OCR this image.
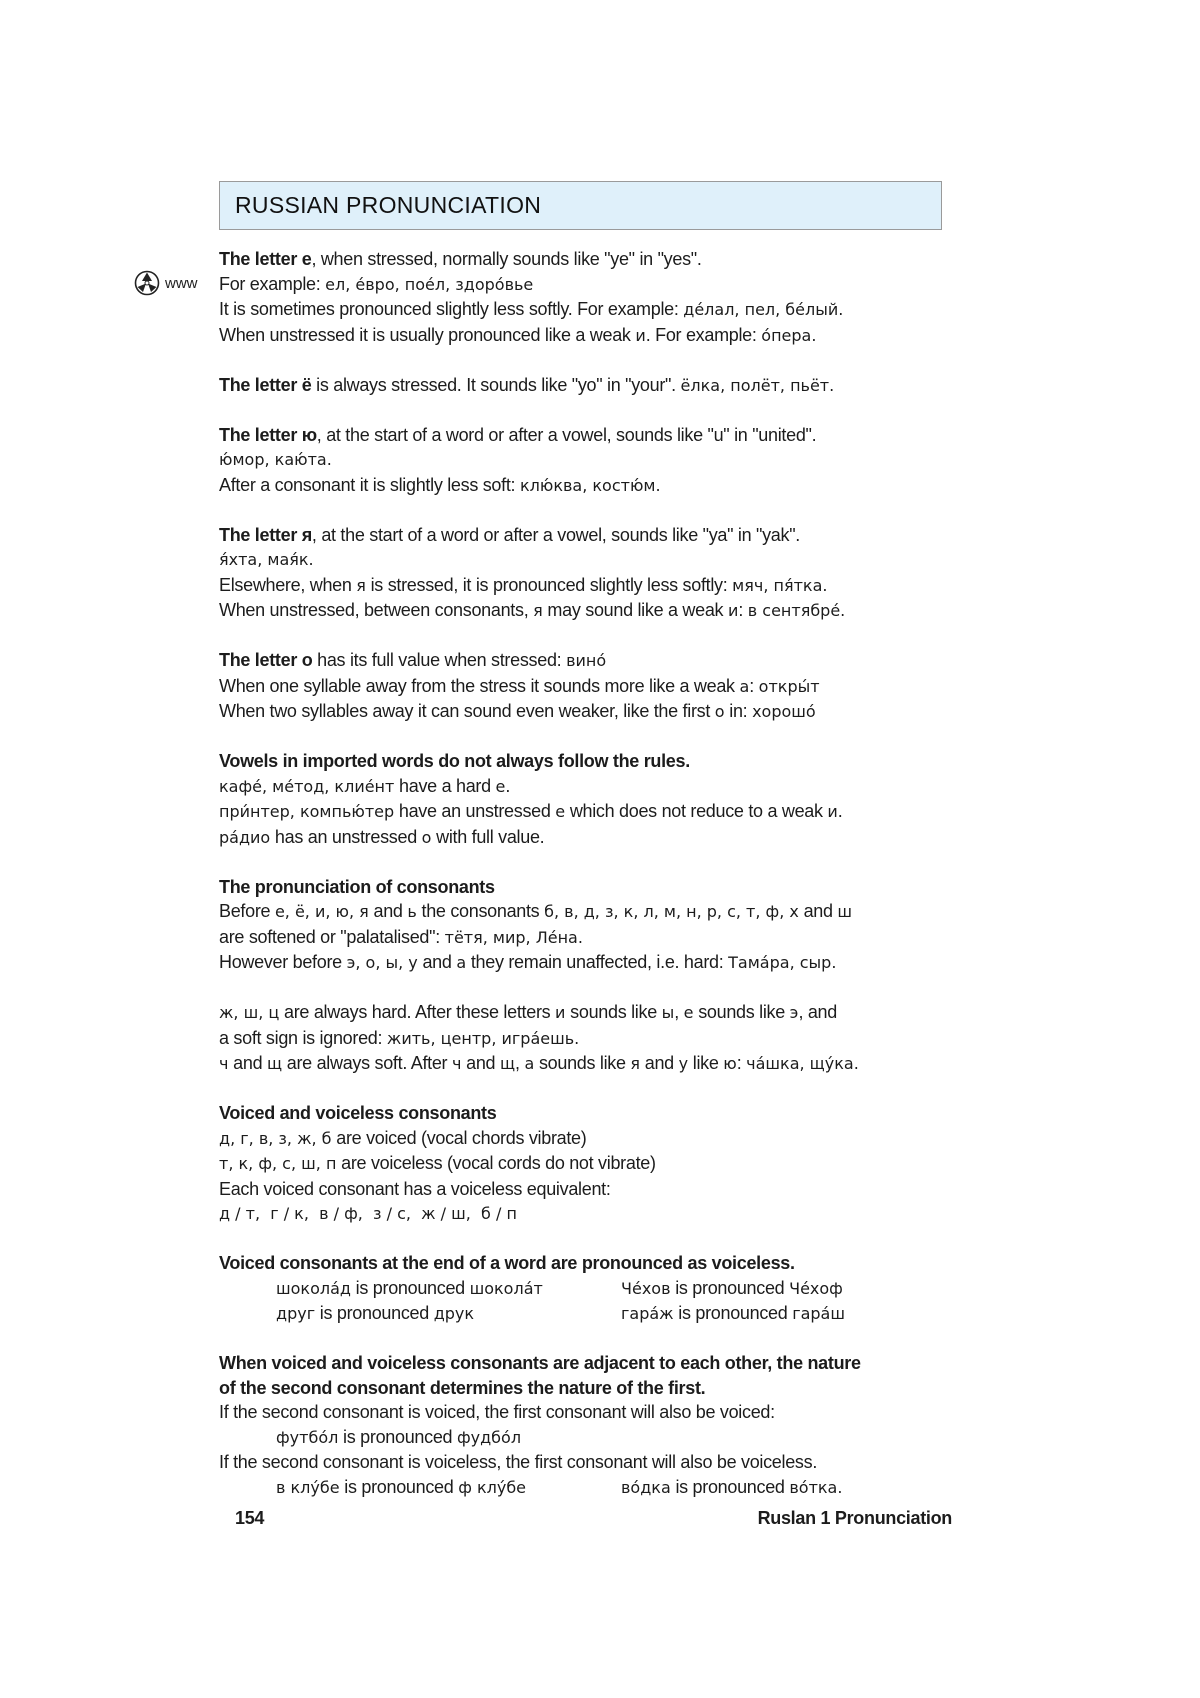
RUSSIAN PRONUNCIATION
www

The letter е, when stressed, normally sounds like "ye" in "yes".

For example: ел, е́вро, пое́л, здоро́вье

It is sometimes pronounced slightly less softly. For example: де́лал, пел, бе́лый.

When unstressed it is usually pronounced like a weak и. For example: о́пера.

The letter ё is always stressed. It sounds like "yo" in "your". ёлка, полёт, пьёт.

The letter ю, at the start of a word or after a vowel, sounds like "u" in "united".

ю́мор, каю́та.

After a consonant it is slightly less soft: клю́ква, костю́м.

The letter я, at the start of a word or after a vowel, sounds like "ya" in "yak".

я́хта, мая́к.

Elsewhere, when я is stressed, it is pronounced slightly less softly: мяч, пя́тка.

When unstressed, between consonants, я may sound like a weak и: в сентябре́.

The letter о has its full value when stressed: вино́

When one syllable away from the stress it sounds more like a weak а: откры́т

When two syllables away it can sound even weaker, like the first о in: хорошо́

Vowels in imported words do not always follow the rules.

кафе́, ме́тод, клие́нт have a hard е.

при́нтер, компью́тер have an unstressed е which does not reduce to a weak и.

ра́дио has an unstressed о with full value.

The pronunciation of consonants

Before е, ё, и, ю, я and ь the consonants б, в, д, з, к, л, м, н, р, с, т, ф, х and ш

are softened or "palatalised": тётя, мир, Ле́на.

However before э, о, ы, у and а they remain unaffected, i.e. hard: Тама́ра, сыр.

ж, ш, ц are always hard. After these letters и sounds like ы, е sounds like э, and

a soft sign is ignored: жить, центр, игра́ешь.

ч and щ are always soft. After ч and щ, а sounds like я and у like ю: ча́шка, щу́ка.

Voiced and voiceless consonants

д, г, в, з, ж, б are voiced (vocal chords vibrate)

т, к, ф, с, ш, п are voiceless (vocal cords do not vibrate)

Each voiced consonant has a voiceless equivalent:

д / т,  г / к,  в / ф,  з / с,  ж / ш,  б / п

Voiced consonants at the end of a word are pronounced as voiceless.

шокола́д is pronounced шокола́т	Че́хов is pronounced Че́хоф
друг is pronounced друк	гара́ж is pronounced гара́ш

When voiced and voiceless consonants are adjacent to each other, the nature

of the second consonant determines the nature of the first.

If the second consonant is voiced, the first consonant will also be voiced:

футбо́л is pronounced фудбо́л

If the second consonant is voiceless, the first consonant will also be voiceless.

в клу́бе is pronounced ф клу́бе	во́дка is pronounced во́тка.
154	Ruslan 1 Pronunciation
